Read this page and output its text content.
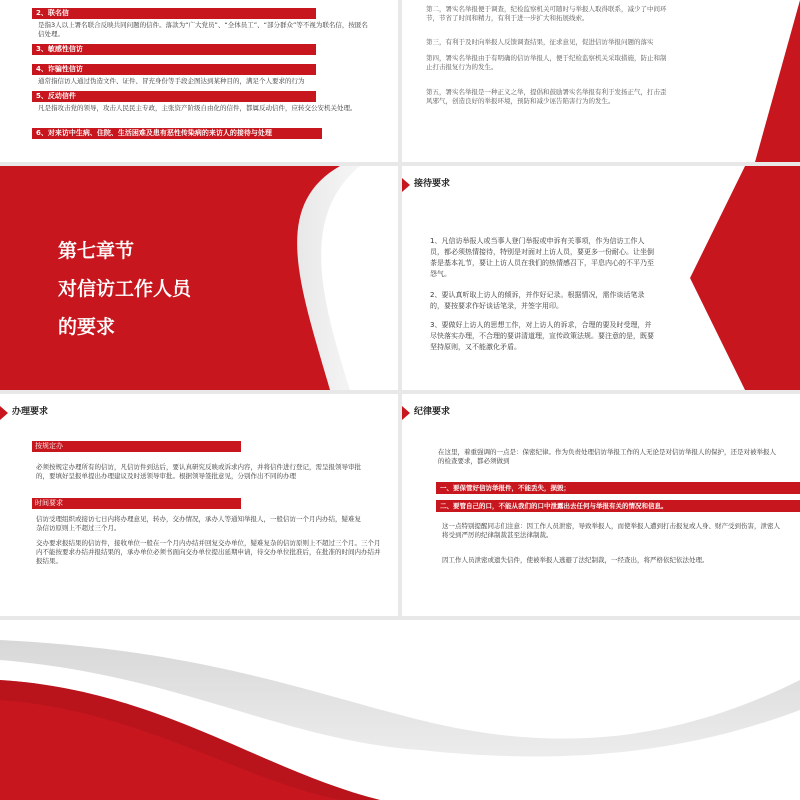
2、联名信
是指3人以上署名联合反映共同问题的信件。落款为“广大党员”、“全体员工”、“部分群众”等不视为联名信，按匿名信处理。
3、敏感性信访
4、诈骗性信访
通常指信访人通过伪造文件、证件、冒充身份等手段企图达到某种目的，满足个人要求的行为
5、反动信件
凡是指攻击党的领导，攻击人民民主专政，主张资产阶级自由化的信件，都属反动信件，应转交公安机关处理。
6、对来访中生病、住院、生活困难及患有恶性传染病的来访人的接待与处理
第二，署实名举报便于调查，纪检监察机关可随时与举报人取得联系，减少了中间环节，节省了时间和精力，有利于进一步扩大和拓展线索。
第三，有利于及时向举报人反馈调查结果，征求意见，促进信访举报问题的落实
第四，署实名举报由于有明确的信访举报人，便于纪检监察机关采取措施，防止和制止打击报复行为的发生。
第五，署实名举报是一种正义之举，提倡和鼓励署实名举报有利于发扬正气，打击歪风邪气，创造良好的举报环境，预防和减少诬告陷害行为的发生。
第七章节
对信访工作人员
的要求
接待要求
1、凡信访举报人或当事人登门举报或申诉有关事项，作为信访工作人员，都必须热情接待，特别是对面对上访人员，要更多一份耐心。让坐倒茶是基本礼节，要让上访人员在我们的热情感召下，平息内心的不平乃至怨气。
2、要认真听取上访人的倾诉，并作好记录。根据情况，需作谈话笔录的，要按要求作好谈话笔录，并签字用印。
3、要做好上访人的思想工作，对上访人的诉求，合理的要及时受理，并尽快落实办理，不合理的要讲清道理，宣传政策法规。要注意的是，既要坚持原则，又不能激化矛盾。
办理要求
按规定办
必须按规定办理所有的信访，凡信访件到达后，要认真研究反映或诉求内容，并将信件进行登记，需呈报领导审批的，要填好呈报单提出办理建议及时送领导审批。根据领导签批意见，分别作出不同的办理
时间要求
信访受理组织或接访七日内将办理意见，转办，交办情况，承办人等通知举报人，一般信访一个月内办结，疑难复杂信访原则上不超过三个月。
交办要求报结果的信访件，接收单位一般在一个月内办结并回复交办单位，疑难复杂的信访原则上不超过三个月。三个月内不能按要求办结并报结果的，承办单位必须书面向交办单位提出延期申请，待交办单位批准后，在批准的时间内办结并报结果。
纪律要求
在这里，着重强调的一点是：保密纪律。作为负责处理信访举报工作的人无论是对信访举报人的保护，还是对被举报人的检查要求，都必须做到
一、要保管好信访举报件，不能丢失，损毁；
二、要管自己的口，不能从我们的口中泄露出去任何与举报有关的情况和信息。
这一点特别提醒同志们注意：因工作人员泄密，导致举报人，而使举报人遭到打击报复或人身、财产受到伤害，泄密人将受到严厉的纪律制裁甚至法律制裁。
因工作人员泄密或遗失信件，使被举报人逃避了法纪制裁，一经查出，将严格依纪依法处理。
